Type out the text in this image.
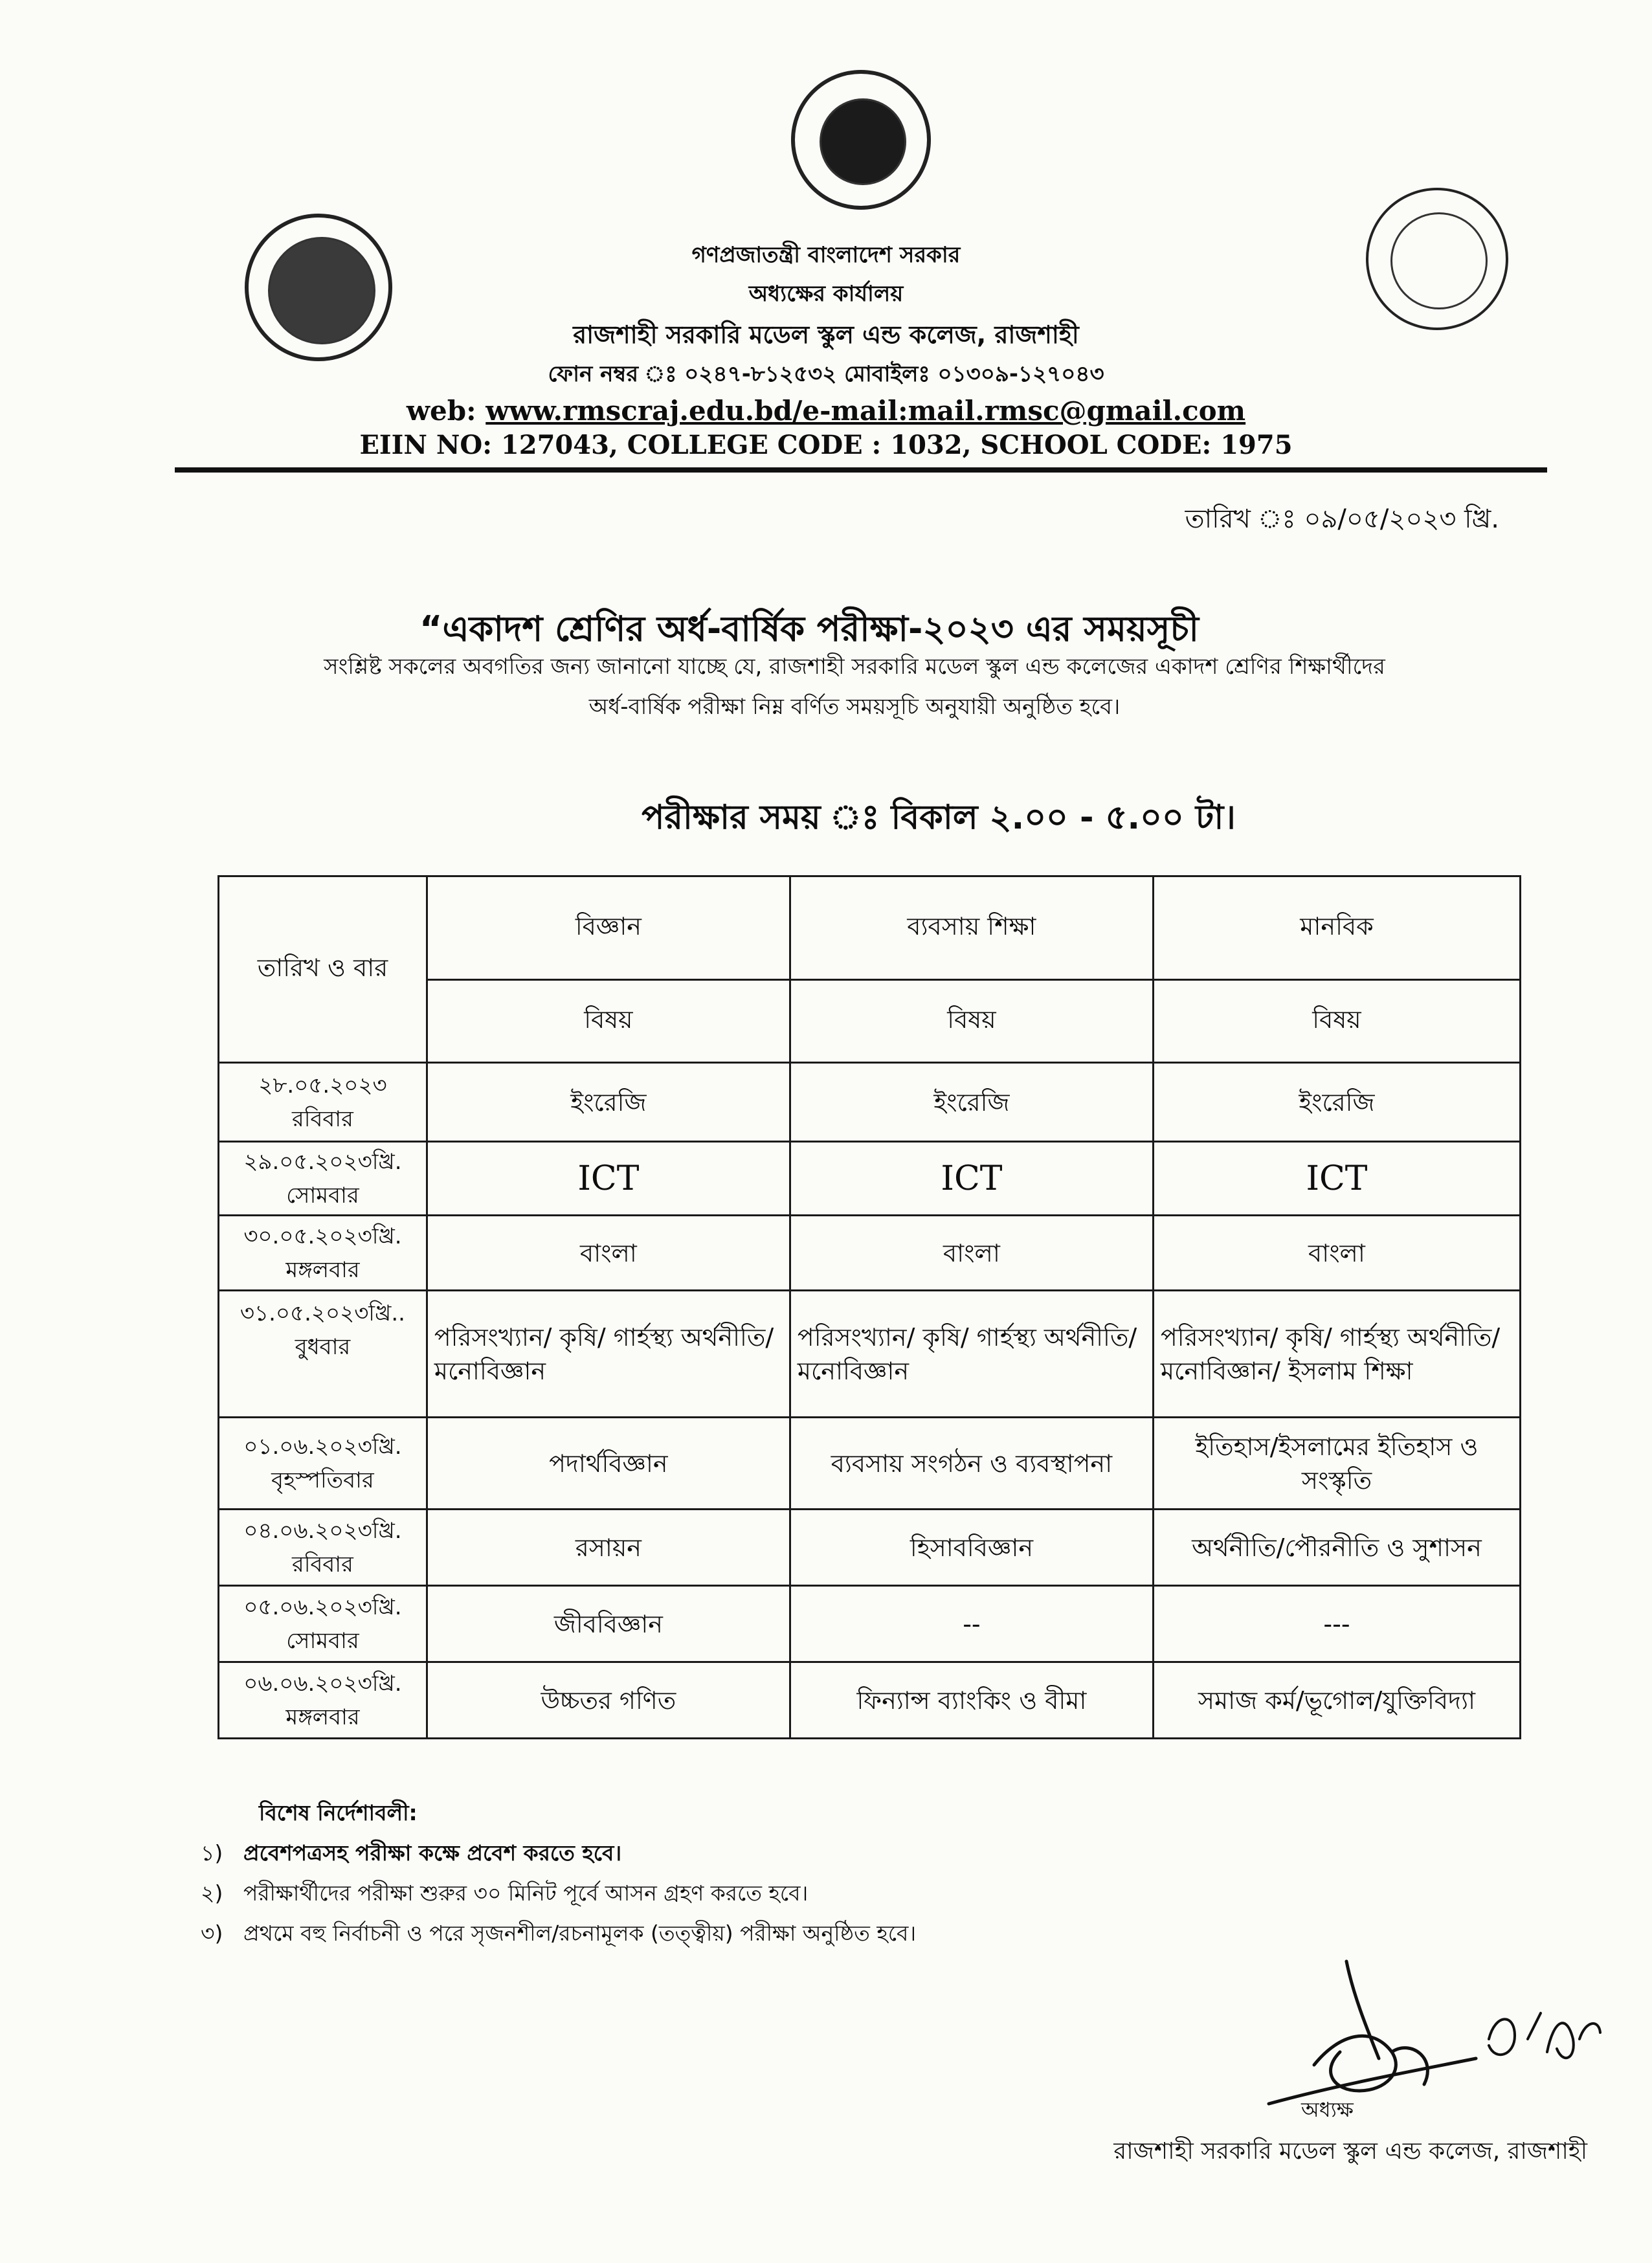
গণপ্রজাতন্ত্রী বাংলাদেশ সরকার
অধ্যক্ষের কার্যালয়
রাজশাহী সরকারি মডেল স্কুল এন্ড কলেজ, রাজশাহী
ফোন নম্বর ঃ ০২৪৭-৮১২৫৩২ মোবাইলঃ ০১৩০৯-১২৭০৪৩
web: www.rmscraj.edu.bd/e-mail:mail.rmsc@gmail.com
EIIN NO: 127043, COLLEGE CODE : 1032, SCHOOL CODE: 1975
তারিখ ঃ ০৯/০৫/২০২৩ খ্রি.
“একাদশ শ্রেণির অর্ধ-বার্ষিক পরীক্ষা-২০২৩ এর সময়সূচী
সংশ্লিষ্ট সকলের অবগতির জন্য জানানো যাচ্ছে যে, রাজশাহী সরকারি মডেল স্কুল এন্ড কলেজের একাদশ শ্রেণির শিক্ষার্থীদের
অর্ধ-বার্ষিক পরীক্ষা নিম্ন বর্ণিত সময়সূচি অনুযায়ী অনুষ্ঠিত হবে।
পরীক্ষার সময় ঃ বিকাল ২.০০ - ৫.০০ টা।
তারিখ ও বার	বিজ্ঞান	ব্যবসায় শিক্ষা	মানবিক
	বিষয়	বিষয়	বিষয়

২৮.০৫.২০২৩
রবিবার	ইংরেজি	ইংরেজি	ইংরেজি

২৯.০৫.২০২৩খ্রি.
সোমবার	ICT	ICT	ICT

৩০.০৫.২০২৩খ্রি.
মঙ্গলবার	বাংলা	বাংলা	বাংলা

৩১.০৫.২০২৩খ্রি..
বুধবার	পরিসংখ্যান/ কৃষি/ গার্হস্থ্য অর্থনীতি/মনোবিজ্ঞান	পরিসংখ্যান/ কৃষি/ গার্হস্থ্য অর্থনীতি/মনোবিজ্ঞান	পরিসংখ্যান/ কৃষি/ গার্হস্থ্য অর্থনীতি/ মনোবিজ্ঞান/ ইসলাম শিক্ষা

০১.০৬.২০২৩খ্রি.
বৃহস্পতিবার	পদার্থবিজ্ঞান	ব্যবসায় সংগঠন ও ব্যবস্থাপনা	ইতিহাস/ইসলামের ইতিহাস ও সংস্কৃতি

০৪.০৬.২০২৩খ্রি.
রবিবার	রসায়ন	হিসাববিজ্ঞান	অর্থনীতি/পৌরনীতি ও সুশাসন

০৫.০৬.২০২৩খ্রি.
সোমবার	জীববিজ্ঞান	--	---

০৬.০৬.২০২৩খ্রি.
মঙ্গলবার	উচ্চতর গণিত	ফিন্যান্স ব্যাংকিং ও বীমা	সমাজ কর্ম/ভূগোল/যুক্তিবিদ্যা
বিশেষ নির্দেশাবলী:
১) প্রবেশপত্রসহ পরীক্ষা কক্ষে প্রবেশ করতে হবে।
২) পরীক্ষার্থীদের পরীক্ষা শুরুর ৩০ মিনিট পূর্বে আসন গ্রহণ করতে হবে।
৩) প্রথমে বহু নির্বাচনী ও পরে সৃজনশীল/রচনামূলক (তত্ত্বীয়) পরীক্ষা অনুষ্ঠিত হবে।
অধ্যক্ষ
রাজশাহী সরকারি মডেল স্কুল এন্ড কলেজ, রাজশাহী
